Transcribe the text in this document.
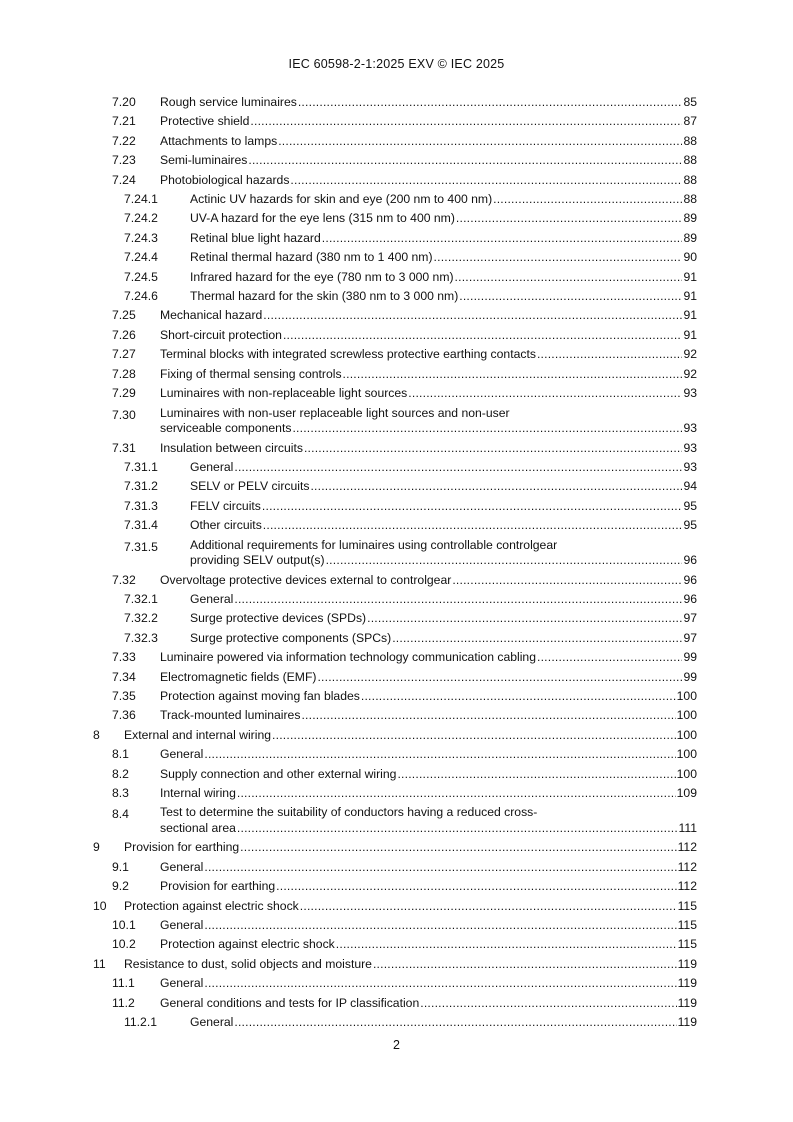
IEC 60598-2-1:2025 EXV © IEC 2025
7.20 Rough service luminaires .....	85
7.21 Protective shield .....	87
7.22 Attachments to lamps .....	88
7.23 Semi-luminaires .....	88
7.24 Photobiological hazards .....	88
7.24.1	Actinic UV hazards for skin and eye (200 nm to 400 nm) .....	88
7.24.2	UV-A hazard for the eye lens (315 nm to 400 nm) .....	89
7.24.3	Retinal blue light hazard .....	89
7.24.4	Retinal thermal hazard (380 nm to 1 400 nm) .....	90
7.24.5	Infrared hazard for the eye (780 nm to 3 000 nm) .....	91
7.24.6	Thermal hazard for the skin (380 nm to 3 000 nm) .....	91
7.25 Mechanical hazard .....	91
7.26 Short-circuit protection .....	91
7.27 Terminal blocks with integrated screwless protective earthing contacts .....	92
7.28 Fixing of thermal sensing controls .....	92
7.29 Luminaires with non-replaceable light sources .....	93
7.30 Luminaires with non-user replaceable light sources and non-user
serviceable components .....	93
7.31 Insulation between circuits .....	93
7.31.1	General .....	93
7.31.2	SELV or PELV circuits .....	94
7.31.3	FELV circuits .....	95
7.31.4	Other circuits .....	95
7.31.5	Additional requirements for luminaires using controllable controlgear
providing SELV output(s) .....	96
7.32 Overvoltage protective devices external to controlgear .....	96
7.32.1	General .....	96
7.32.2	Surge protective devices (SPDs) .....	97
7.32.3	Surge protective components (SPCs) .....	97
7.33 Luminaire powered via information technology communication cabling .....	99
7.34 Electromagnetic fields (EMF) .....	99
7.35 Protection against moving fan blades .....	100
7.36 Track-mounted luminaires .....	100
8 External and internal wiring .....	100
8.1	General .....	100
8.2	Supply connection and other external wiring .....	100
8.3	Internal wiring .....	109
8.4	Test to determine the suitability of conductors having a reduced cross-
sectional area .....	111
9 Provision for earthing .....	112
9.1	General .....	112
9.2	Provision for earthing .....	112
10 Protection against electric shock .....	115
10.1 General .....	115
10.2 Protection against electric shock .....	115
11 Resistance to dust, solid objects and moisture .....	119
11.1 General .....	119
11.2 General conditions and tests for IP classification .....	119
11.2.1	General .....	119
2
